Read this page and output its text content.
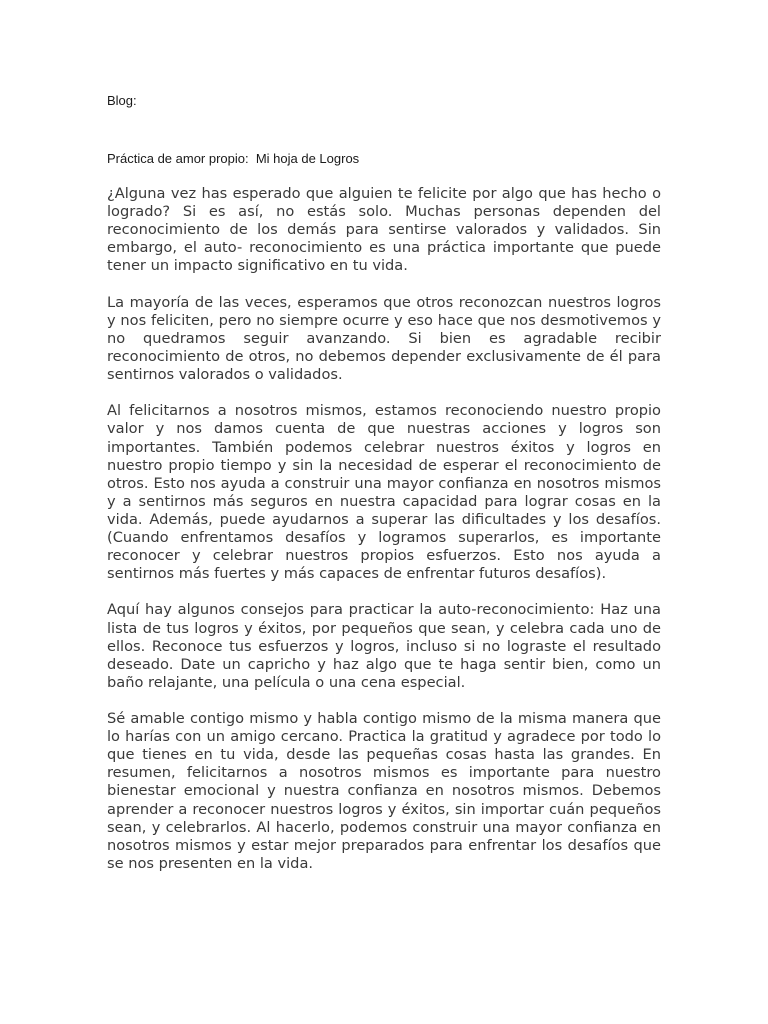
Blog:

Práctica de amor propio:  Mi hoja de Logros

¿Alguna vez has esperado que alguien te felicite por algo que has hecho o logrado? Si es así, no estás solo. Muchas personas dependen del reconocimiento de los demás para sentirse valorados y validados. Sin embargo, el auto- reconocimiento es una práctica importante que puede tener un impacto significativo en tu vida.

La mayoría de las veces, esperamos que otros reconozcan nuestros logros y nos feliciten, pero no siempre ocurre y eso hace que nos desmotivemos y no quedramos seguir avanzando. Si bien es agradable recibir reconocimiento de otros, no debemos depender exclusivamente de él para sentirnos valorados o validados.

Al felicitarnos a nosotros mismos, estamos reconociendo nuestro propio valor y nos damos cuenta de que nuestras acciones y logros son importantes. También podemos celebrar nuestros éxitos y logros en nuestro propio tiempo y sin la necesidad de esperar el reconocimiento de otros. Esto nos ayuda a construir una mayor confianza en nosotros mismos y a sentirnos más seguros en nuestra capacidad para lograr cosas en la vida. Además, puede ayudarnos a superar las dificultades y los desafíos. (Cuando enfrentamos desafíos y logramos superarlos, es importante reconocer y celebrar nuestros propios esfuerzos. Esto nos ayuda a sentirnos más fuertes y más capaces de enfrentar futuros desafíos).

Aquí hay algunos consejos para practicar la auto-reconocimiento: Haz una lista de tus logros y éxitos, por pequeños que sean, y celebra cada uno de ellos. Reconoce tus esfuerzos y logros, incluso si no lograste el resultado deseado. Date un capricho y haz algo que te haga sentir bien, como un baño relajante, una película o una cena especial.

Sé amable contigo mismo y habla contigo mismo de la misma manera que lo harías con un amigo cercano. Practica la gratitud y agradece por todo lo que tienes en tu vida, desde las pequeñas cosas hasta las grandes. En resumen, felicitarnos a nosotros mismos es importante para nuestro bienestar emocional y nuestra confianza en nosotros mismos. Debemos aprender a reconocer nuestros logros y éxitos, sin importar cuán pequeños sean, y celebrarlos. Al hacerlo, podemos construir una mayor confianza en nosotros mismos y estar mejor preparados para enfrentar los desafíos que se nos presenten en la vida.
